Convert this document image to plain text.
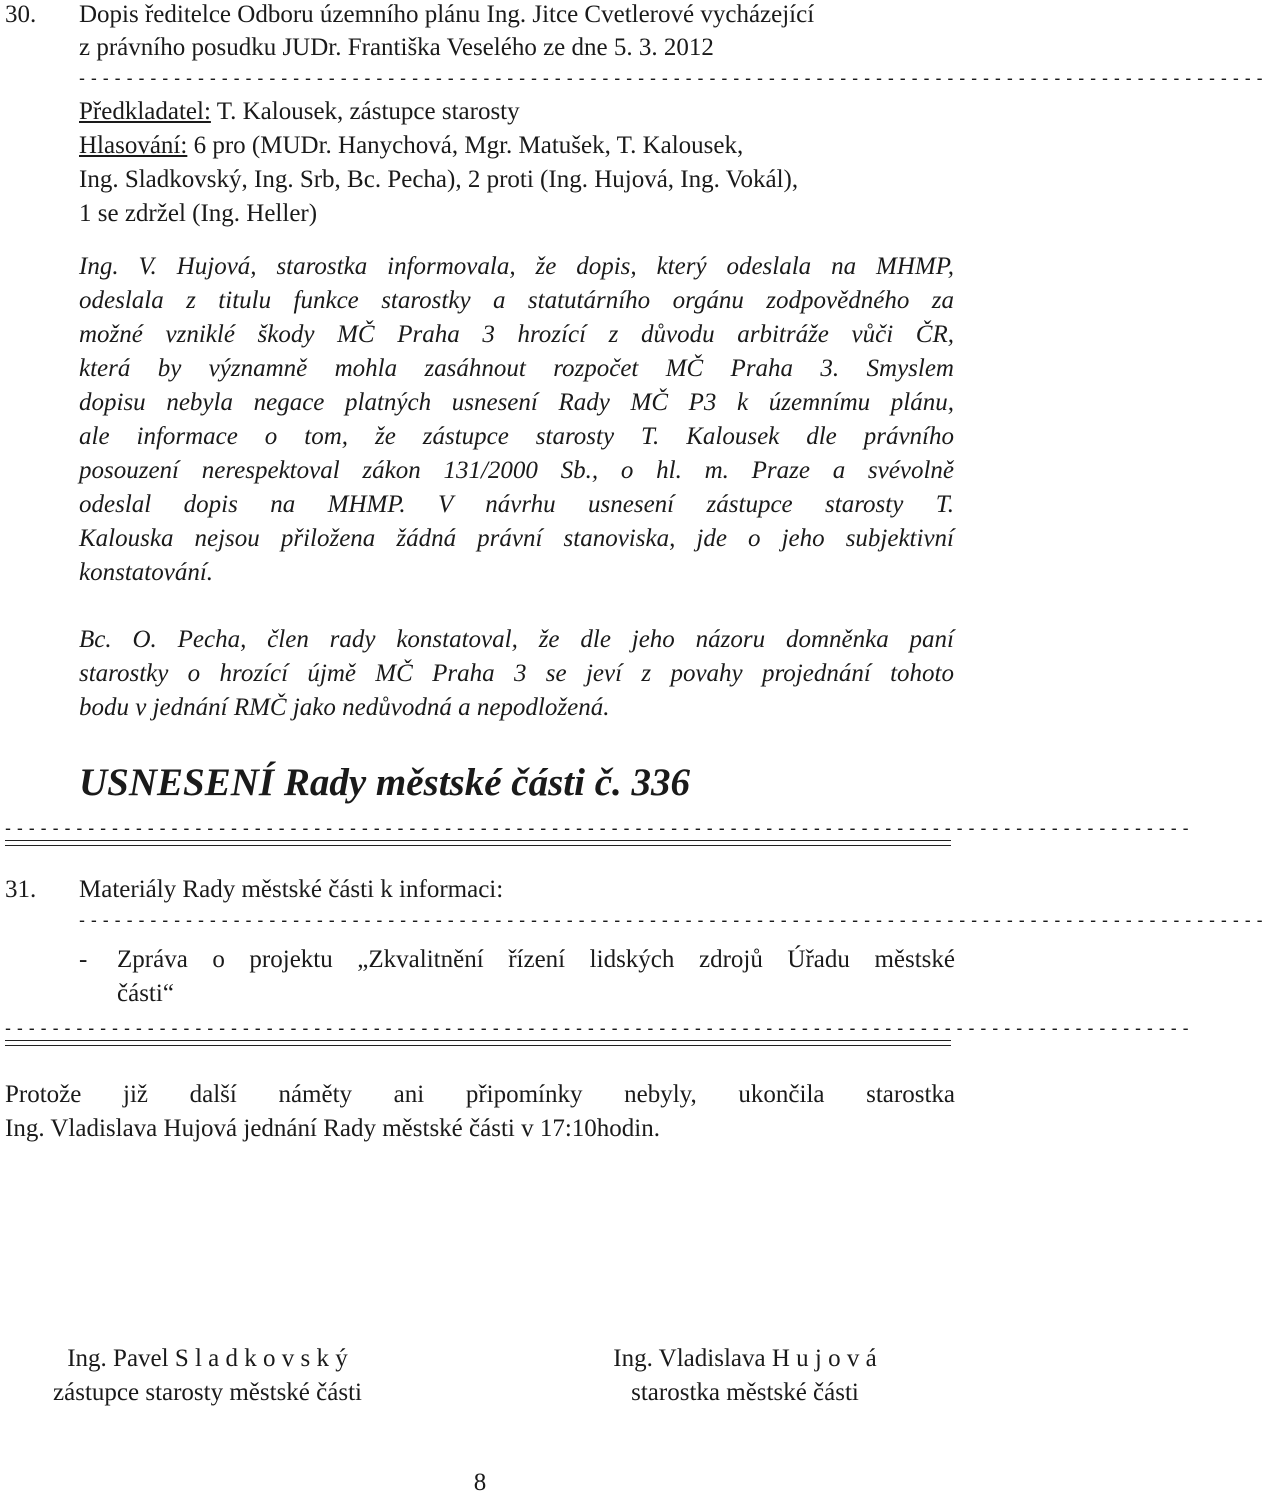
30. Dopis ředitelce Odboru územního plánu Ing. Jitce Cvetlerové vycházející
z právního posudku JUDr. Františka Veselého ze dne 5. 3. 2012
- - - - - - - - - - - - - - - - - - - - - - - - - - - - - - - - - - - - - - - - - - - - - - - - - - - - - - - - - - - - - - - - - - - - - - - - - - - - - - - - - - - - - - - - - - - - - - - - - - - -
Předkladatel: T. Kalousek, zástupce starosty
Hlasování: 6 pro (MUDr. Hanychová, Mgr. Matušek, T. Kalousek,
Ing. Sladkovský, Ing. Srb, Bc. Pecha), 2 proti (Ing. Hujová, Ing. Vokál),
1 se zdržel (Ing. Heller)
Ing. V. Hujová, starostka informovala, že dopis, který odeslala na MHMP,
odeslala z titulu funkce starostky a statutárního orgánu zodpovědného za
možné vzniklé škody MČ Praha 3 hrozící z důvodu arbitráže vůči ČR,
která by významně mohla zasáhnout rozpočet MČ Praha 3. Smyslem
dopisu nebyla negace platných usnesení Rady MČ P3 k územnímu plánu,
ale informace o tom, že zástupce starosty T. Kalousek dle právního
posouzení nerespektoval zákon 131/2000 Sb., o hl. m. Praze a svévolně
odeslal dopis na MHMP. V návrhu usnesení zástupce starosty T.
Kalouska nejsou přiložena žádná právní stanoviska, jde o jeho subjektivní
konstatování.
Bc. O. Pecha, člen rady konstatoval, že dle jeho názoru domněnka paní
starostky o hrozící újmě MČ Praha 3 se jeví z povahy projednání tohoto
bodu v jednání RMČ jako nedůvodná a nepodložená.
USNESENÍ Rady městské části č. 336
- - - - - - - - - - - - - - - - - - - - - - - - - - - - - - - - - - - - - - - - - - - - - - - - - - - - - - - - - - - - - - - - - - - - - - - - - - - - - - - - - - - - - - - - - - - - - - - - - - - -
31. Materiály Rady městské části k informaci:
- - - - - - - - - - - - - - - - - - - - - - - - - - - - - - - - - - - - - - - - - - - - - - - - - - - - - - - - - - - - - - - - - - - - - - - - - - - - - - - - - - - - - - - - - - - - - - - - - - - -
- Zpráva o projektu „Zkvalitnění řízení lidských zdrojů Úřadu městské
části“
- - - - - - - - - - - - - - - - - - - - - - - - - - - - - - - - - - - - - - - - - - - - - - - - - - - - - - - - - - - - - - - - - - - - - - - - - - - - - - - - - - - - - - - - - - - - - - - - - - - -
Protože již další náměty ani připomínky nebyly, ukončila starostka
Ing. Vladislava Hujová jednání Rady městské části v 17:10hodin.
Ing. Pavel S l a d k o v s k ý
zástupce starosty městské části
Ing. Vladislava H u j o v á
starostka městské části
8
